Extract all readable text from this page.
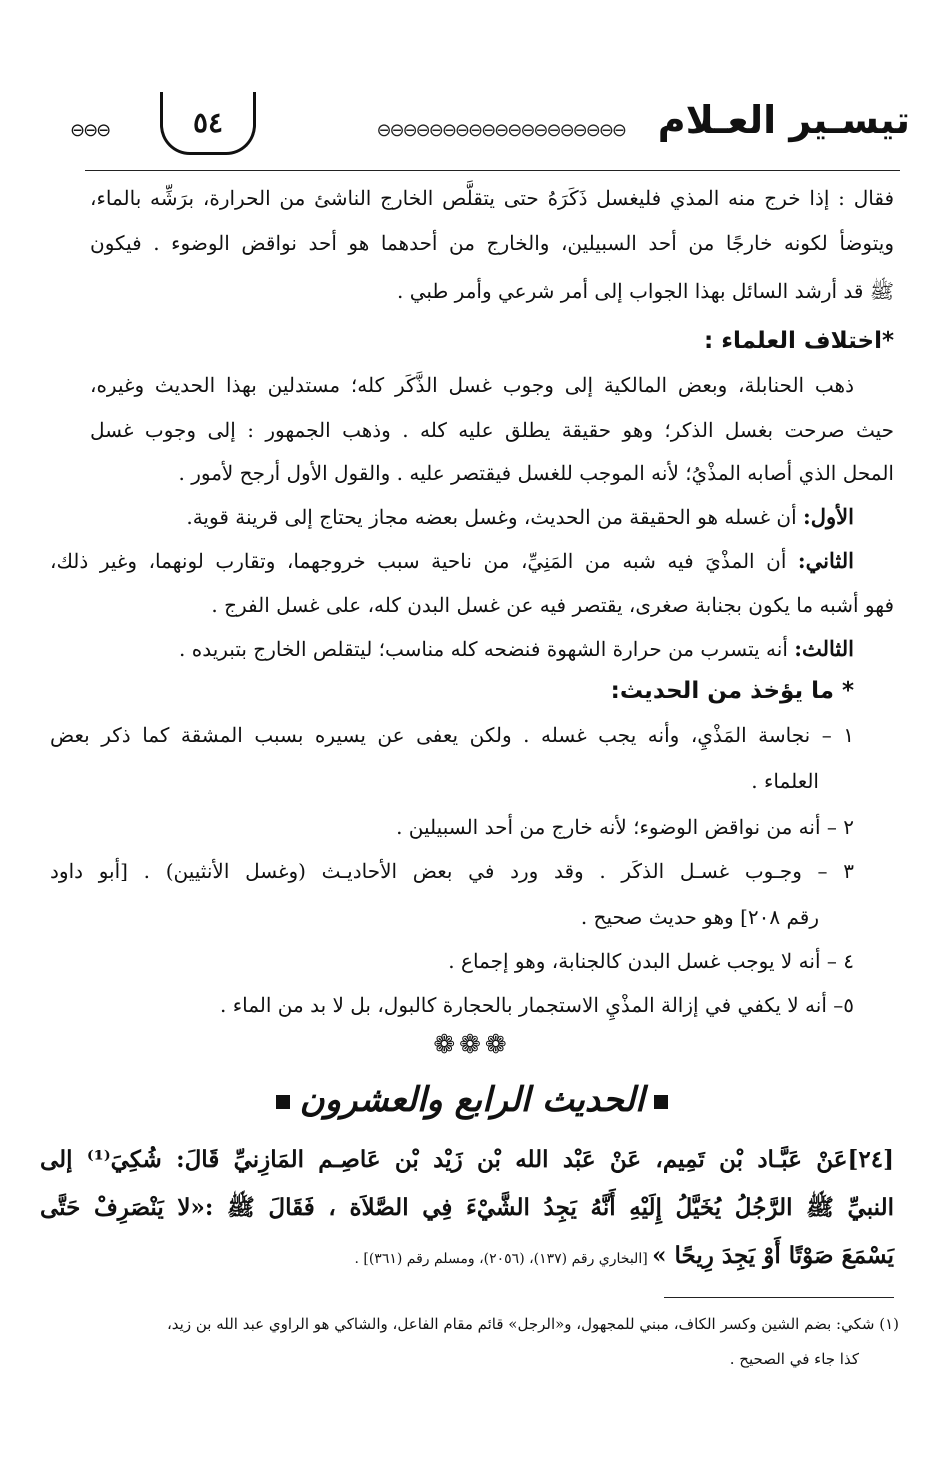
تيسـير العـلام
⊖⊖⊖⊖⊖⊖⊖⊖⊖⊖⊖⊖⊖⊖⊖⊖⊖⊖⊖
٥٤
⊖⊖⊖
فقال : إذا خرج منه المذي فليغسل ذَكَرَهُ حتى يتقلَّص الخارج الناشئ من الحرارة، برَشِّه بالماء،
ويتوضأ لكونه خارجًا من أحد السبيلين، والخارج من أحدهما هو أحد نواقض الوضوء . فيكون
ﷺ قد أرشد السائل بهذا الجواب إلى أمر شرعي وأمر طبي .
*اختلاف العلماء :
ذهب الحنابلة، وبعض المالكية إلى وجوب غسل الذَّكَر كله؛ مستدلين بهذا الحديث وغيره،
حيث صرحت بغسل الذكر؛ وهو حقيقة يطلق عليه كله . وذهب الجمهور : إلى وجوب غسل
المحل الذي أصابه المذْيُ؛ لأنه الموجب للغسل فيقتصر عليه . والقول الأول أرجح لأمور .
الأول: أن غسله هو الحقيقة من الحديث، وغسل بعضه مجاز يحتاج إلى قرينة قوية.
الثاني: أن المذْيَ فيه شبه من المَنِيِّ، من ناحية سبب خروجهما، وتقارب لونهما، وغير ذلك،
فهو أشبه ما يكون بجنابة صغرى، يقتصر فيه عن غسل البدن كله، على غسل الفرج .
الثالث: أنه يتسرب من حرارة الشهوة فنضحه كله مناسب؛ ليتقلص الخارج بتبريده .
* ما يؤخذ من الحديث:
١ – نجاسة المَذْيِ، وأنه يجب غسله . ولكن يعفى عن يسيره بسبب المشقة كما ذكر بعض
العلماء .
٢ – أنه من نواقض الوضوء؛ لأنه خارج من أحد السبيلين .
٣ – وجـوب غسـل الذكَر . وقد ورد في بعض الأحاديـث (وغسل الأنثيين) . [أبو داود
رقم ٢٠٨] وهو حديث صحيح .
٤ – أنه لا يوجب غسل البدن كالجنابة، وهو إجماع .
٥– أنه لا يكفي في إزالة المذْيِ الاستجمار بالحجارة كالبول، بل لا بد من الماء .
❁❁❁
الحديث الرابع والعشرون
[٢٤]عَنْ عَبَّـاد بْن تَمِيم، عَنْ عَبْد الله بْن زَيْد بْن عَاصِـم المَازِنيِّ قَالَ: شُكِيَ⁽¹⁾ إلى
النبيِّ ﷺ الرَّجُلُ يُخَيَّلُ إِلَيْهِ أَنَّهُ يَجِدُ الشَّيْءَ فِي الصَّلاَة ، فَقَالَ ﷺ :«لا يَنْصَرِفْ حَتَّى
يَسْمَعَ صَوْتًا أَوْ يَجِدَ رِيحًا » [البخاري رقم (١٣٧)، (٢٠٥٦)، ومسلم رقم (٣٦١)] .
(١) شكي: بضم الشين وكسر الكاف، مبني للمجهول، و«الرجل» قائم مقام الفاعل، والشاكي هو الراوي عبد الله بن زيد،
كذا جاء في الصحيح .
